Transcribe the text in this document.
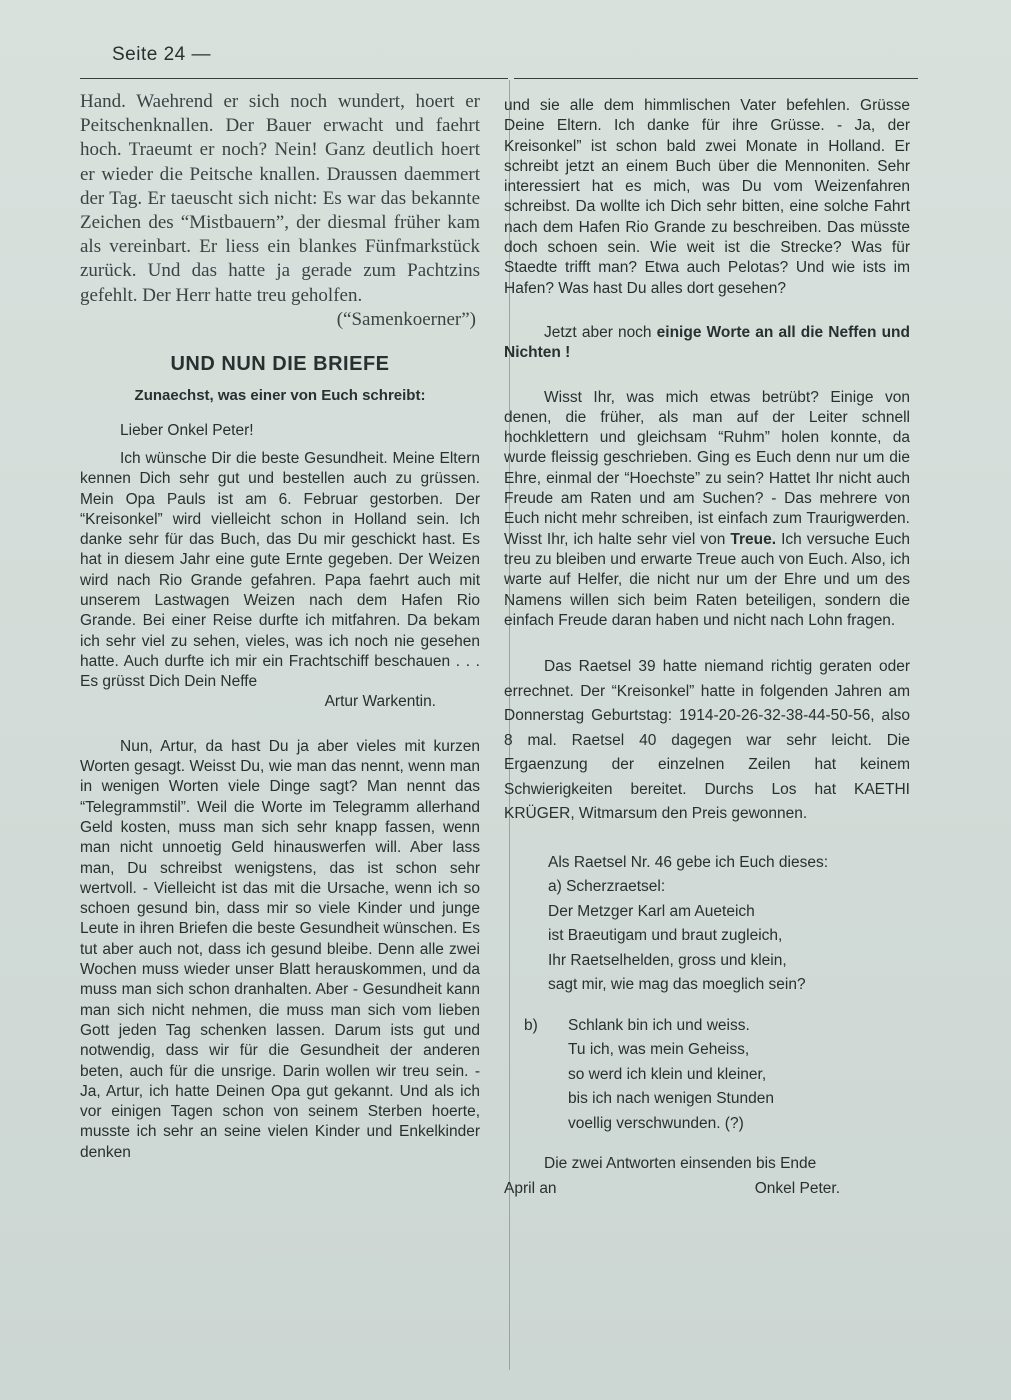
Seite 24 —

Hand. Waehrend er sich noch wundert, hoert er Peitschenknallen. Der Bauer erwacht und faehrt hoch. Traeumt er noch? Nein! Ganz deutlich hoert er wieder die Peitsche knallen. Draussen daemmert der Tag. Er taeuscht sich nicht: Es war das bekannte Zeichen des “Mistbauern”, der diesmal früher kam als vereinbart. Er liess ein blankes Fünfmarkstück zurück. Und das hatte ja gerade zum Pachtzins gefehlt. Der Herr hatte treu geholfen.

(“Samenkoerner”)

UND NUN DIE BRIEFE
Zunaechst, was einer von Euch schreibt:

Lieber Onkel Peter!

Ich wünsche Dir die beste Gesundheit. Meine Eltern kennen Dich sehr gut und bestellen auch zu grüssen. Mein Opa Pauls ist am 6. Februar gestorben. Der “Kreisonkel” wird vielleicht schon in Holland sein. Ich danke sehr für das Buch, das Du mir geschickt hast. Es hat in diesem Jahr eine gute Ernte gegeben. Der Weizen wird nach Rio Grande gefahren. Papa faehrt auch mit unserem Lastwagen Weizen nach dem Hafen Rio Grande. Bei einer Reise durfte ich mitfahren. Da bekam ich sehr viel zu sehen, vieles, was ich noch nie gesehen hatte. Auch durfte ich mir ein Frachtschiff beschauen . . . Es grüsst Dich Dein Neffe

Artur Warkentin.

Nun, Artur, da hast Du ja aber vieles mit kurzen Worten gesagt. Weisst Du, wie man das nennt, wenn man in wenigen Worten viele Dinge sagt? Man nennt das “Telegrammstil”. Weil die Worte im Telegramm allerhand Geld kosten, muss man sich sehr knapp fassen, wenn man nicht unnoetig Geld hinauswerfen will. Aber lass man, Du schreibst wenigstens, das ist schon sehr wertvoll. - Vielleicht ist das mit die Ursache, wenn ich so schoen gesund bin, dass mir so viele Kinder und junge Leute in ihren Briefen die beste Gesundheit wünschen. Es tut aber auch not, dass ich gesund bleibe. Denn alle zwei Wochen muss wieder unser Blatt herauskommen, und da muss man sich schon dranhalten. Aber - Gesundheit kann man sich nicht nehmen, die muss man sich vom lieben Gott jeden Tag schenken lassen. Darum ists gut und notwendig, dass wir für die Gesundheit der anderen beten, auch für die unsrige. Darin wollen wir treu sein. - Ja, Artur, ich hatte Deinen Opa gut gekannt. Und als ich vor einigen Tagen schon von seinem Sterben hoerte, musste ich sehr an seine vielen Kinder und Enkelkinder denken

und sie alle dem himmlischen Vater befehlen. Grüsse Deine Eltern. Ich danke für ihre Grüsse. - Ja, der Kreisonkel” ist schon bald zwei Monate in Holland. Er schreibt jetzt an einem Buch über die Mennoniten. Sehr interessiert hat es mich, was Du vom Weizenfahren schreibst. Da wollte ich Dich sehr bitten, eine solche Fahrt nach dem Hafen Rio Grande zu beschreiben. Das müsste doch schoen sein. Wie weit ist die Strecke? Was für Staedte trifft man? Etwa auch Pelotas? Und wie ists im Hafen? Was hast Du alles dort gesehen?

Jetzt aber noch einige Worte an all die Neffen und Nichten !

Wisst Ihr, was mich etwas betrübt? Einige von denen, die früher, als man auf der Leiter schnell hochklettern und gleichsam “Ruhm” holen konnte, da wurde fleissig geschrieben. Ging es Euch denn nur um die Ehre, einmal der “Hoechste” zu sein? Hattet Ihr nicht auch Freude am Raten und am Suchen? - Das mehrere von Euch nicht mehr schreiben, ist einfach zum Traurigwerden. Wisst Ihr, ich halte sehr viel von Treue. Ich versuche Euch treu zu bleiben und erwarte Treue auch von Euch. Also, ich warte auf Helfer, die nicht nur um der Ehre und um des Namens willen sich beim Raten beteiligen, sondern die einfach Freude daran haben und nicht nach Lohn fragen.

Das Raetsel 39 hatte niemand richtig geraten oder errechnet. Der “Kreisonkel” hatte in folgenden Jahren am Donnerstag Geburtstag: 1914-20-26-32-38-44-50-56, also 8 mal. Raetsel 40 dagegen war sehr leicht. Die Ergaenzung der einzelnen Zeilen hat keinem Schwierigkeiten bereitet. Durchs Los hat KAETHI KRÜGER, Witmarsum den Preis gewonnen.

Als Raetsel Nr. 46 gebe ich Euch dieses:

a) Scherzraetsel:

Der Metzger Karl am Aueteich

ist Braeutigam und braut zugleich,

Ihr Raetselhelden, gross und klein,

sagt mir, wie mag das moeglich sein?

b)	Schlank bin ich und weiss.

Tu ich, was mein Geheiss,

so werd ich klein und kleiner,

bis ich nach wenigen Stunden

voellig verschwunden. (?)

Die zwei Antworten einsenden bis Ende

April an	Onkel Peter.
